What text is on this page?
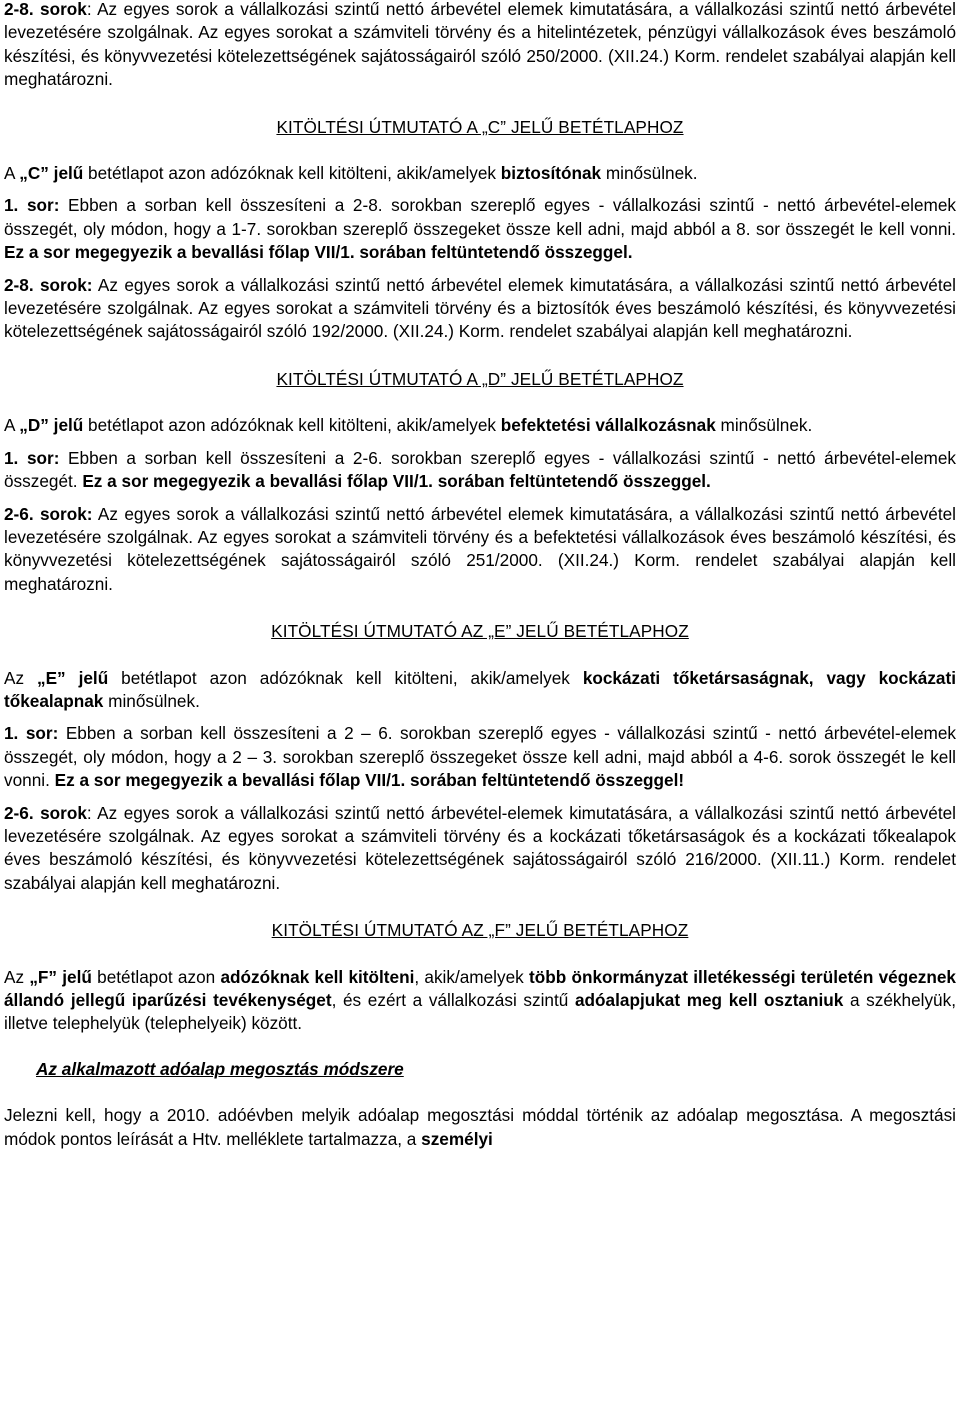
2-8. sorok: Az egyes sorok a vállalkozási szintű nettó árbevétel elemek kimutatására, a vállalkozási szintű nettó árbevétel levezetésére szolgálnak. Az egyes sorokat a számviteli törvény és a hitelintézetek, pénzügyi vállalkozások éves beszámoló készítési, és könyvvezetési kötelezettségének sajátosságairól szóló 250/2000. (XII.24.) Korm. rendelet szabályai alapján kell meghatározni.

KITÖLTÉSI ÚTMUTATÓ A „C” JELŰ BETÉTLAPHOZ

A „C” jelű betétlapot azon adózóknak kell kitölteni, akik/amelyek biztosítónak minősülnek.

1. sor: Ebben a sorban kell összesíteni a 2-8. sorokban szereplő egyes - vállalkozási szintű - nettó árbevétel-elemek összegét, oly módon, hogy a 1-7. sorokban szereplő összegeket össze kell adni, majd abból a 8. sor összegét le kell vonni. Ez a sor megegyezik a bevallási főlap VII/1. sorában feltüntetendő összeggel.

2-8. sorok: Az egyes sorok a vállalkozási szintű nettó árbevétel elemek kimutatására, a vállalkozási szintű nettó árbevétel levezetésére szolgálnak. Az egyes sorokat a számviteli törvény és a biztosítók éves beszámoló készítési, és könyvvezetési kötelezettségének sajátosságairól szóló 192/2000. (XII.24.) Korm. rendelet szabályai alapján kell meghatározni.

KITÖLTÉSI ÚTMUTATÓ A „D” JELŰ BETÉTLAPHOZ

A „D” jelű betétlapot azon adózóknak kell kitölteni, akik/amelyek befektetési vállalkozásnak minősülnek.

1. sor: Ebben a sorban kell összesíteni a 2-6. sorokban szereplő egyes - vállalkozási szintű - nettó árbevétel-elemek összegét. Ez a sor megegyezik a bevallási főlap VII/1. sorában feltüntetendő összeggel.

2-6. sorok: Az egyes sorok a vállalkozási szintű nettó árbevétel elemek kimutatására, a vállalkozási szintű nettó árbevétel levezetésére szolgálnak. Az egyes sorokat a számviteli törvény és a befektetési vállalkozások éves beszámoló készítési, és könyvvezetési kötelezettségének sajátosságairól szóló 251/2000. (XII.24.) Korm. rendelet szabályai alapján kell meghatározni.

KITÖLTÉSI ÚTMUTATÓ AZ „E” JELŰ BETÉTLAPHOZ

Az „E” jelű betétlapot azon adózóknak kell kitölteni, akik/amelyek kockázati tőketársaságnak, vagy kockázati tőkealapnak minősülnek.

1. sor: Ebben a sorban kell összesíteni a 2 – 6. sorokban szereplő egyes - vállalkozási szintű - nettó árbevétel-elemek összegét, oly módon, hogy a 2 – 3. sorokban szereplő összegeket össze kell adni, majd abból a 4-6. sorok összegét le kell vonni. Ez a sor megegyezik a bevallási főlap VII/1. sorában feltüntetendő összeggel!

2-6. sorok: Az egyes sorok a vállalkozási szintű nettó árbevétel-elemek kimutatására, a vállalkozási szintű nettó árbevétel levezetésére szolgálnak. Az egyes sorokat a számviteli törvény és a kockázati tőketársaságok és a kockázati tőkealapok éves beszámoló készítési, és könyvvezetési kötelezettségének sajátosságairól szóló 216/2000. (XII.11.) Korm. rendelet szabályai alapján kell meghatározni.

KITÖLTÉSI ÚTMUTATÓ AZ „F” JELŰ BETÉTLAPHOZ

Az „F” jelű betétlapot azon adózóknak kell kitölteni, akik/amelyek több önkormányzat illetékességi területén végeznek állandó jellegű iparűzési tevékenységet, és ezért a vállalkozási szintű adóalapjukat meg kell osztaniuk a székhelyük, illetve telephelyük (telephelyeik) között.

Az alkalmazott adóalap megosztás módszere

Jelezni kell, hogy a 2010. adóévben melyik adóalap megosztási móddal történik az adóalap megosztása. A megosztási módok pontos leírását a Htv. melléklete tartalmazza, a személyi
